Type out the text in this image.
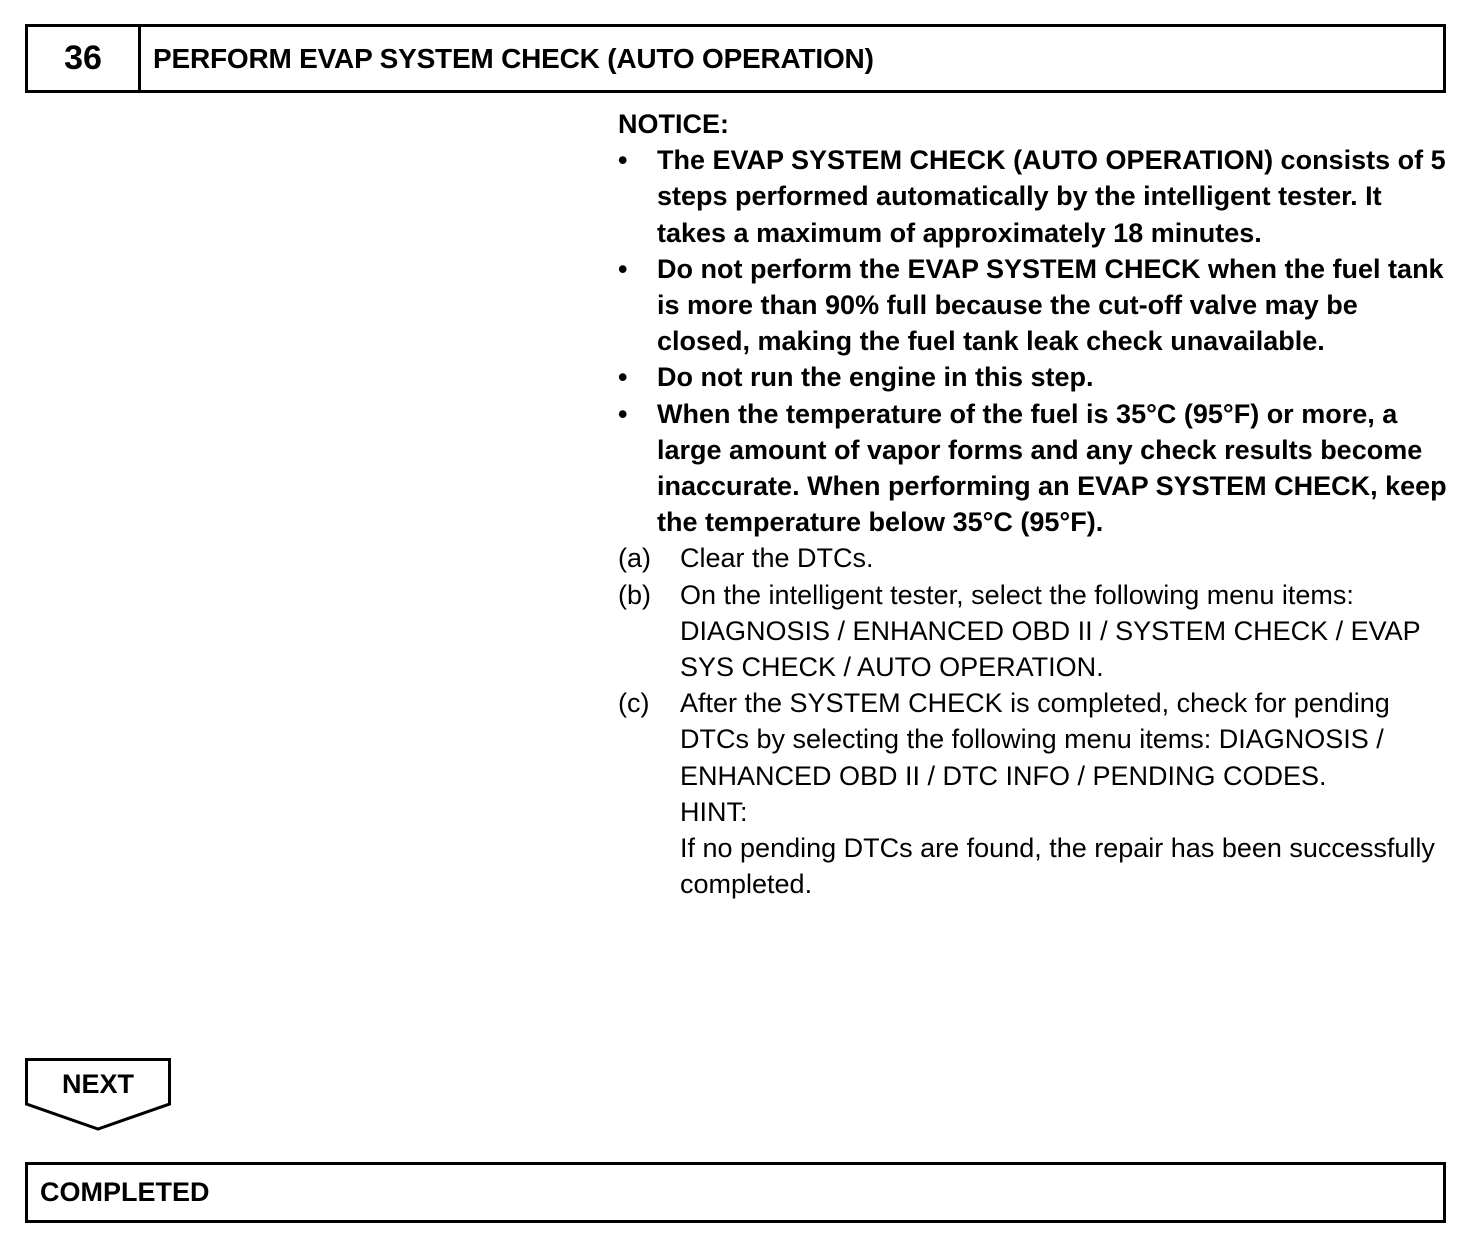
36	PERFORM EVAP SYSTEM CHECK (AUTO OPERATION)
NOTICE:
•	The EVAP SYSTEM CHECK (AUTO OPERATION) consists of 5 steps performed automatically by the intelligent tester. It takes a maximum of approximately 18 minutes.
•	Do not perform the EVAP SYSTEM CHECK when the fuel tank is more than 90% full because the cut-off valve may be closed, making the fuel tank leak check unavailable.
•	Do not run the engine in this step.
•	When the temperature of the fuel is 35°C (95°F) or more, a large amount of vapor forms and any check results become inaccurate. When performing an EVAP SYSTEM CHECK, keep the temperature below 35°C (95°F).
(a)	Clear the DTCs.
(b)	On the intelligent tester, select the following menu items: DIAGNOSIS / ENHANCED OBD II / SYSTEM CHECK / EVAP SYS CHECK / AUTO OPERATION.
(c)	After the SYSTEM CHECK is completed, check for pending DTCs by selecting the following menu items: DIAGNOSIS / ENHANCED OBD II / DTC INFO / PENDING CODES.
HINT:
If no pending DTCs are found, the repair has been successfully completed.
NEXT
COMPLETED
